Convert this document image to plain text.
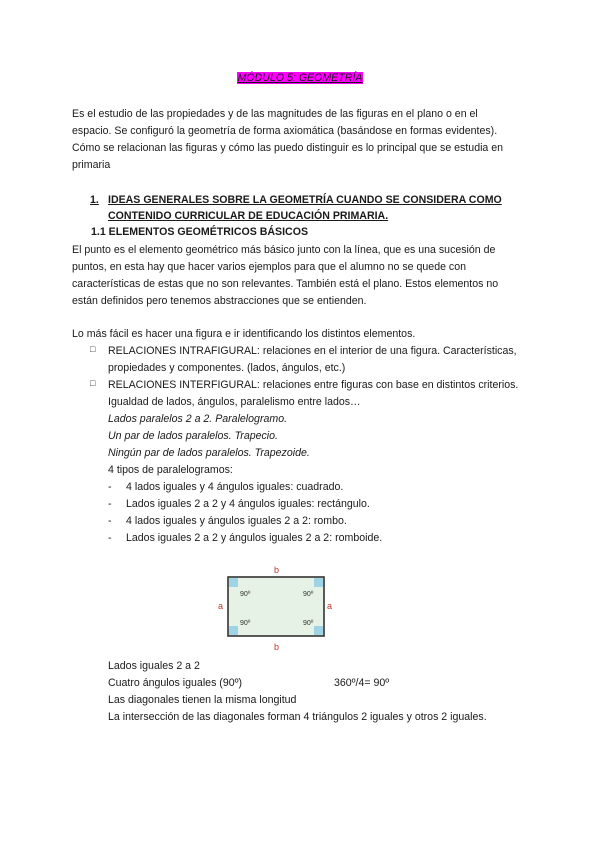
MÓDULO 5: GEOMETRÍA
Es el estudio de las propiedades y de las magnitudes de las figuras en el plano o en el
espacio. Se configuró la geometría de forma axiomática (basándose en formas evidentes).
Cómo se relacionan las figuras y cómo las puedo distinguir es lo principal que se estudia en
primaria
1. IDEAS GENERALES SOBRE LA GEOMETRÍA CUANDO SE CONSIDERA COMO
CONTENIDO CURRICULAR DE EDUCACIÓN PRIMARIA.
1.1 ELEMENTOS GEOMÉTRICOS BÁSICOS
El punto es el elemento geométrico más básico junto con la línea, que es una sucesión de
puntos, en esta hay que hacer varios ejemplos para que el alumno no se quede con
características de estas que no son relevantes. También está el plano. Estos elementos no
están definidos pero tenemos abstracciones que se entienden.
Lo más fácil es hacer una figura e ir identificando los distintos elementos.
□ RELACIONES INTRAFIGURAL: relaciones en el interior de una figura. Características,
propiedades y componentes. (lados, ángulos, etc.)
□ RELACIONES INTERFIGURAL: relaciones entre figuras con base en distintos criterios.
Igualdad de lados, ángulos, paralelismo entre lados…
Lados paralelos 2 a 2. Paralelogramo.
Un par de lados paralelos. Trapecio.
Ningún par de lados paralelos. Trapezoide.
4 tipos de paralelogramos:
- 4 lados iguales y 4 ángulos iguales: cuadrado.
- Lados iguales 2 a 2 y 4 ángulos iguales: rectángulo.
- 4 lados iguales y ángulos iguales 2 a 2: rombo.
- Lados iguales 2 a 2 y ángulos iguales 2 a 2: romboide.
b
b
a	a
90º	90º
90º	90º
Lados iguales 2 a 2
Cuatro ángulos iguales (90º)	360º/4= 90º
Las diagonales tienen la misma longitud
La intersección de las diagonales forman 4 triángulos 2 iguales y otros 2 iguales.
